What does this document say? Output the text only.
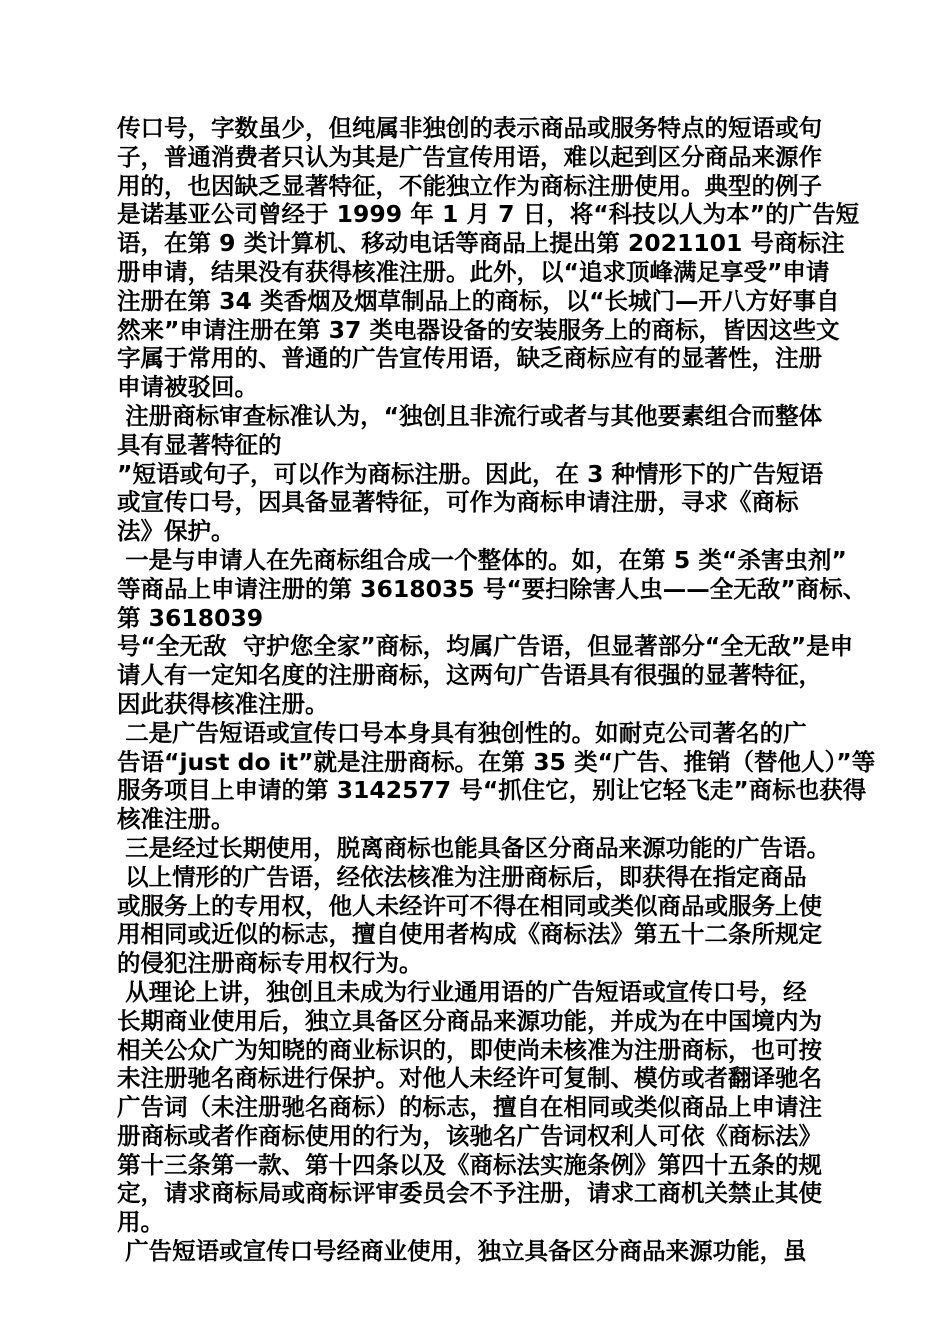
传口号，字数虽少，但纯属非独创的表示商品或服务特点的短语或句
子，普通消费者只认为其是广告宣传用语，难以起到区分商品来源作
用的，也因缺乏显著特征，不能独立作为商标注册使用。典型的例子
是诺基亚公司曾经于 1999 年 1 月 7 日，将“科技以人为本”的广告短
语，在第 9 类计算机、移动电话等商品上提出第 2021101 号商标注
册申请，结果没有获得核准注册。此外，以“追求顶峰满足享受”申请
注册在第 34 类香烟及烟草制品上的商标，以“长城门—开八方好事自
然来”申请注册在第 37 类电器设备的安装服务上的商标，皆因这些文
字属于常用的、普通的广告宣传用语，缺乏商标应有的显著性，注册
申请被驳回。
注册商标审查标准认为，“独创且非流行或者与其他要素组合而整体
具有显著特征的
”短语或句子，可以作为商标注册。因此，在 3 种情形下的广告短语
或宣传口号，因具备显著特征，可作为商标申请注册，寻求《商标
法》保护。
一是与申请人在先商标组合成一个整体的。如，在第 5 类“杀害虫剂”
等商品上申请注册的第 3618035 号“要扫除害人虫——全无敌”商标、
第 3618039
号“全无敌  守护您全家”商标，均属广告语，但显著部分“全无敌”是申
请人有一定知名度的注册商标，这两句广告语具有很强的显著特征，
因此获得核准注册。
二是广告短语或宣传口号本身具有独创性的。如耐克公司著名的广
告语“just do it”就是注册商标。在第 35 类“广告、推销（替他人）”等
服务项目上申请的第 3142577 号“抓住它，别让它轻飞走”商标也获得
核准注册。
三是经过长期使用，脱离商标也能具备区分商品来源功能的广告语。
以上情形的广告语，经依法核准为注册商标后，即获得在指定商品
或服务上的专用权，他人未经许可不得在相同或类似商品或服务上使
用相同或近似的标志，擅自使用者构成《商标法》第五十二条所规定
的侵犯注册商标专用权行为。
从理论上讲，独创且未成为行业通用语的广告短语或宣传口号，经
长期商业使用后，独立具备区分商品来源功能，并成为在中国境内为
相关公众广为知晓的商业标识的，即使尚未核准为注册商标，也可按
未注册驰名商标进行保护。对他人未经许可复制、模仿或者翻译驰名
广告词（未注册驰名商标）的标志，擅自在相同或类似商品上申请注
册商标或者作商标使用的行为，该驰名广告词权利人可依《商标法》
第十三条第一款、第十四条以及《商标法实施条例》第四十五条的规
定，请求商标局或商标评审委员会不予注册，请求工商机关禁止其使
用。
广告短语或宣传口号经商业使用，独立具备区分商品来源功能，虽
